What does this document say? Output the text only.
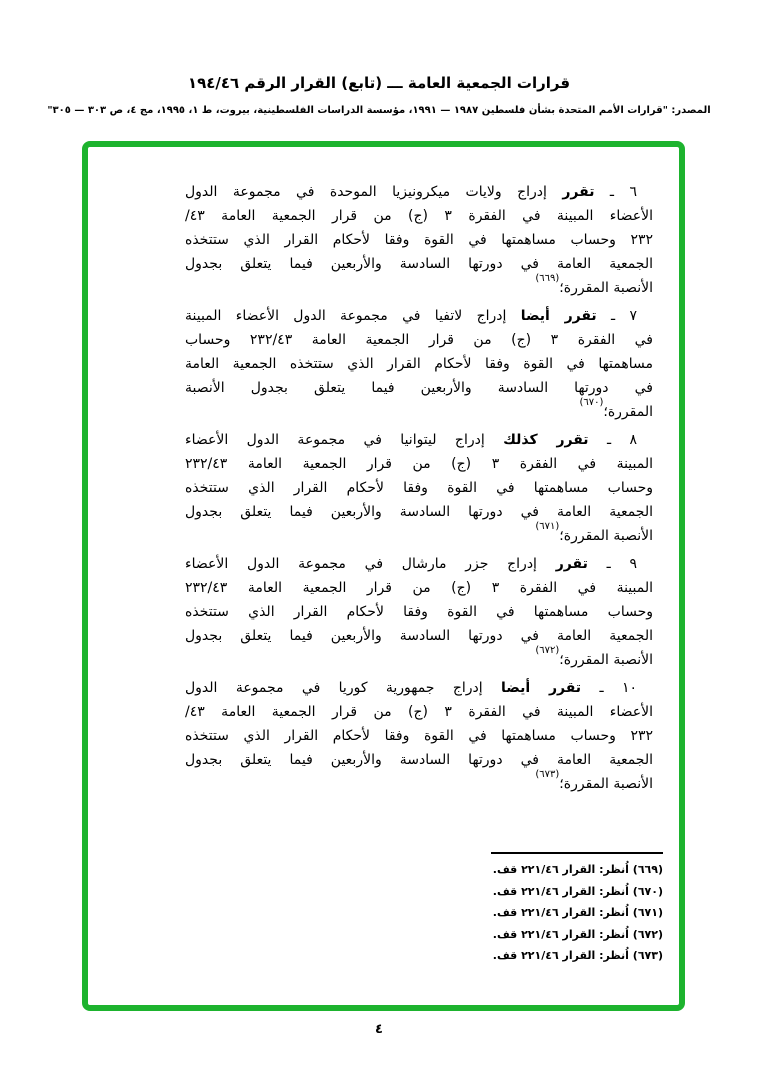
قرارات الجمعية العامة ـــ (تابع) القرار الرقم ١٩٤/٤٦
المصدر: "قرارات الأمم المتحدة بشأن فلسطين ١٩٨٧ — ١٩٩١، مؤسسة الدراسات الفلسطينية، بيروت، ط ١، ١٩٩٥، مج ٤، ص ٣٠٣ — ٣٠٥"
٦ ـ تقرر إدراج ولايات ميكرونيزيا الموحدة في مجموعة الدول
الأعضاء المبينة في الفقرة ٣ (ج) من قرار الجمعية العامة ٤٣/
٢٣٢ وحساب مساهمتها في القوة وفقا لأحكام القرار الذي ستتخذه
الجمعية العامة في دورتها السادسة والأربعين فيما يتعلق بجدول
الأنصبة المقررة؛$^{(٦٦٩)}$
٧ ـ تقرر أيضا إدراج لاتفيا في مجموعة الدول الأعضاء المبينة
في الفقرة ٣ (ج) من قرار الجمعية العامة ٢٣٢/٤٣ وحساب
مساهمتها في القوة وفقا لأحكام القرار الذي ستتخذه الجمعية العامة
في دورتها السادسة والأربعين فيما يتعلق بجدول الأنصبة
المقررة؛$^{(٦٧٠)}$
٨ ـ تقرر كذلك إدراج ليتوانيا في مجموعة الدول الأعضاء
المبينة في الفقرة ٣ (ج) من قرار الجمعية العامة ٢٣٢/٤٣
وحساب مساهمتها في القوة وفقا لأحكام القرار الذي ستتخذه
الجمعية العامة في دورتها السادسة والأربعين فيما يتعلق بجدول
الأنصبة المقررة؛$^{(٦٧١)}$
٩ ـ تقرر إدراج جزر مارشال في مجموعة الدول الأعضاء
المبينة في الفقرة ٣ (ج) من قرار الجمعية العامة ٢٣٢/٤٣
وحساب مساهمتها في القوة وفقا لأحكام القرار الذي ستتخذه
الجمعية العامة في دورتها السادسة والأربعين فيما يتعلق بجدول
الأنصبة المقررة؛$^{(٦٧٢)}$
١٠ ـ تقرر أيضا إدراج جمهورية كوريا في مجموعة الدول
الأعضاء المبينة في الفقرة ٣ (ج) من قرار الجمعية العامة ٤٣/
٢٣٢ وحساب مساهمتها في القوة وفقا لأحكام القرار الذي ستتخذه
الجمعية العامة في دورتها السادسة والأربعين فيما يتعلق بجدول
الأنصبة المقررة؛$^{(٦٧٣)}$
(٦٦٩) اُنظر: القرار ٢٢١/٤٦ قف.
(٦٧٠) اُنظر: القرار ٢٢١/٤٦ قف.
(٦٧١) اُنظر: القرار ٢٢١/٤٦ قف.
(٦٧٢) اُنظر: القرار ٢٢١/٤٦ قف.
(٦٧٣) اُنظر: القرار ٢٢١/٤٦ قف.
٤
